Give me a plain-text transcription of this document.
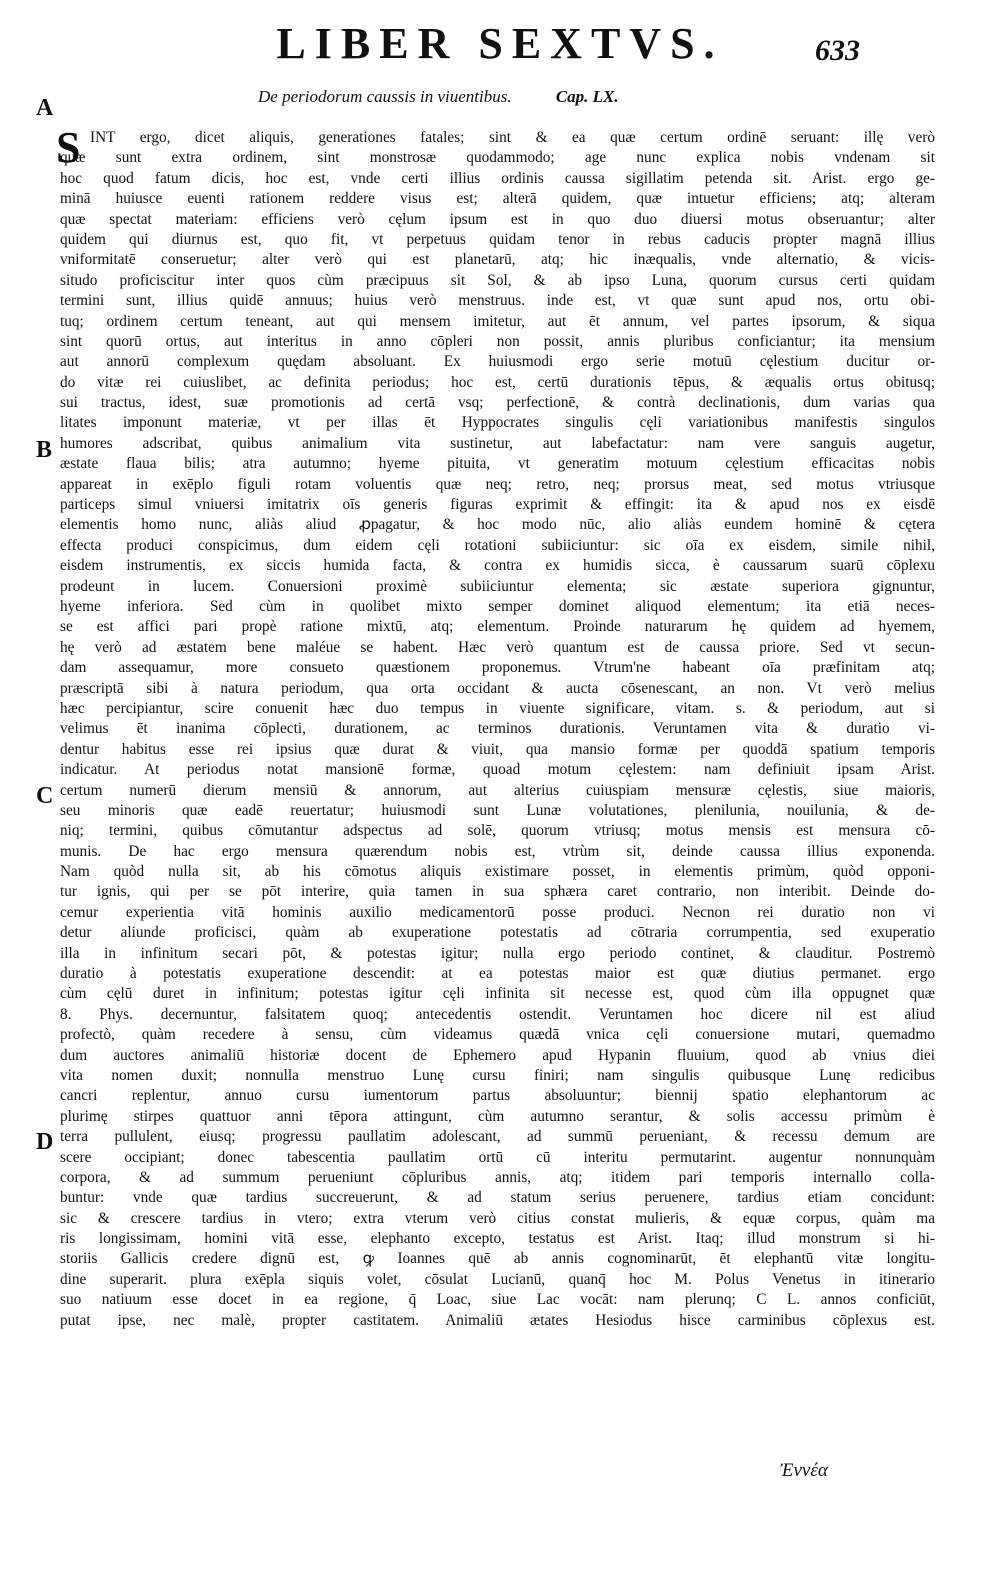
LIBER SEXTVS.	633
De periodorum caussis in viuentibus.	Cap. LX.
A
B
C
D
S INT ergo, dicet aliquis, generationes fatales; sint & ea quæ certum ordinē seruant: illę verò
quæ sunt extra ordinem, sint monstrosæ quodammodo; age nunc explica nobis vndenam sit
hoc quod fatum dicis, hoc est, vnde certi illius ordinis caussa sigillatim petenda sit. Arist. ergo ge-
minā huiusce euenti rationem reddere visus est; alterā quidem, quæ intuetur efficiens; atq; alteram
quæ spectat materiam: efficiens verò cęlum ipsum est in quo duo diuersi motus obseruantur; alter
quidem qui diurnus est, quo fit, vt perpetuus quidam tenor in rebus caducis propter magnā illius
vniformitatē conseruetur; alter verò qui est planetarū, atq; hic inæqualis, vnde alternatio, & vicis-
situdo proficiscitur inter quos cùm præcipuus sit Sol, & ab ipso Luna, quorum cursus certi quidam
termini sunt, illius quidē annuus; huius verò menstruus. inde est, vt quæ sunt apud nos, ortu obi-
tuq; ordinem certum teneant, aut qui mensem imitetur, aut ēt annum, vel partes ipsorum, & siqua
sint quorū ortus, aut interitus in anno cōpleri non possit, annis pluribus conficiantur; ita mensium
aut annorū complexum quędam absoluant. Ex huiusmodi ergo serie motuū cęlestium ducitur or-
do vitæ rei cuiuslibet, ac definita periodus; hoc est, certū durationis tēpus, & æqualis ortus obitusq;
sui tractus, idest, suæ promotionis ad certā vsq; perfectionē, & contrà declinationis, dum varias qua
litates imponunt materiæ, vt per illas ēt Hyppocrates singulis cęli variationibus manifestis singulos
humores adscribat, quibus animalium vita sustinetur, aut labefactatur: nam vere sanguis augetur,
æstate flaua bilis; atra autumno; hyeme pituita, vt generatim motuum cęlestium efficacitas nobis
appareat in exēplo figuli rotam voluentis quæ neq; retro, neq; prorsus meat, sed motus vtriusque
particeps simul vniuersi imitatrix oīs generis figuras exprimit & effingit: ita & apud nos ex eisdē
elementis homo nunc, aliàs aliud ꝓpagatur, & hoc modo nūc, alio aliàs eundem hominē & cętera
effecta produci conspicimus, dum eidem cęli rotationi subiiciuntur: sic oīa ex eisdem, simile nihil,
eisdem instrumentis, ex siccis humida facta, & contra ex humidis sicca, è caussarum suarū cōplexu
prodeunt in lucem. Conuersioni proximè subiiciuntur elementa; sic æstate superiora gignuntur,
hyeme inferiora. Sed cùm in quolibet mixto semper dominet aliquod elementum; ita etiā neces-
se est affici pari propè ratione mixtū, atq; elementum. Proinde naturarum hę quidem ad hyemem,
hę verò ad æstatem bene maléue se habent. Hæc verò quantum est de caussa priore. Sed vt secun-
dam assequamur, more consueto quæstionem proponemus. Vtrum'ne habeant oīa præfinitam atq;
præscriptā sibi à natura periodum, qua orta occidant & aucta cōsenescant, an non. Vt verò melius
hæc percipiantur, scire conuenit hæc duo tempus in viuente significare, vitam. s. & periodum, aut si
velimus ēt inanima cōplecti, durationem, ac terminos durationis. Veruntamen vita & duratio vi-
dentur habitus esse rei ipsius quæ durat & viuit, qua mansio formæ per quoddā spatium temporis
indicatur. At periodus notat mansionē formæ, quoad motum cęlestem: nam definiuit ipsam Arist.
certum numerū dierum mensiū & annorum, aut alterius cuiuspiam mensuræ cęlestis, siue maioris,
seu minoris quæ eadē reuertatur; huiusmodi sunt Lunæ volutationes, plenilunia, nouilunia, & de-
niq; termini, quibus cōmutantur adspectus ad solē, quorum vtriusq; motus mensis est mensura cō-
munis. De hac ergo mensura quærendum nobis est, vtrùm sit, deinde caussa illius exponenda.
Nam quòd nulla sit, ab his cōmotus aliquis existimare posset, in elementis primùm, quòd opponi-
tur ignis, qui per se pōt interire, quia tamen in sua sphæra caret contrario, non interibit. Deinde do-
cemur experientia vitā hominis auxilio medicamentorū posse produci. Necnon rei duratio non vi
detur aliunde proficisci, quàm ab exuperatione potestatis ad cōtraria corrumpentia, sed exuperatio
illa in infinitum secari pōt, & potestas igitur; nulla ergo periodo continet, & clauditur. Postremò
duratio à potestatis exuperatione descendit: at ea potestas maior est quæ diutius permanet. ergo
cùm cęlū duret in infinitum; potestas igitur cęli infinita sit necesse est, quod cùm illa oppugnet quæ
8. Phys. decernuntur, falsitatem quoq; antecedentis ostendit. Veruntamen hoc dicere nil est aliud
profectò, quàm recedere à sensu, cùm videamus quædā vnica cęli conuersione mutari, quemadmo
dum auctores animaliū historiæ docent de Ephemero apud Hypanin fluuium, quod ab vnius diei
vita nomen duxit; nonnulla menstruo Lunę cursu finiri; nam singulis quibusque Lunę redicibus
cancri replentur, annuo cursu iumentorum partus absoluuntur; biennij spatio elephantorum ac
plurimę stirpes quattuor anni tēpora attingunt, cùm autumno serantur, & solis accessu primùm è
terra pullulent, eiusq; progressu paullatim adolescant, ad summū perueniant, & recessu demum are
scere occipiant; donec tabescentia paullatim ortū cū interitu permutarint. augentur nonnunquàm
corpora, & ad summum perueniunt cōpluribus annis, atq; itidem pari temporis internallo colla-
buntur: vnde quæ tardius succreuerunt, & ad statum serius peruenere, tardius etiam concidunt:
sic & crescere tardius in vtero; extra vterum verò citius constat mulieris, & equæ corpus, quàm ma
ris longissimam, homini vitā esse, elephanto excepto, testatus est Arist. Itaq; illud monstrum si hi-
storiis Gallicis credere dignū est, ꝙ Ioannes quē ab annis cognominarūt, ēt elephantū vitæ longitu-
dine superarit. plura exēpla siquis volet, cōsulat Lucianū, quanq̄ hoc M. Polus Venetus in itinerario
suo natiuum esse docet in ea regione, q̄ Loac, siue Lac vocāt: nam plerunq; C L. annos conficiūt,
putat ipse, nec malè, propter castitatem. Animaliū ætates Hesiodus hisce carminibus cōplexus est.
Ἐννέα
